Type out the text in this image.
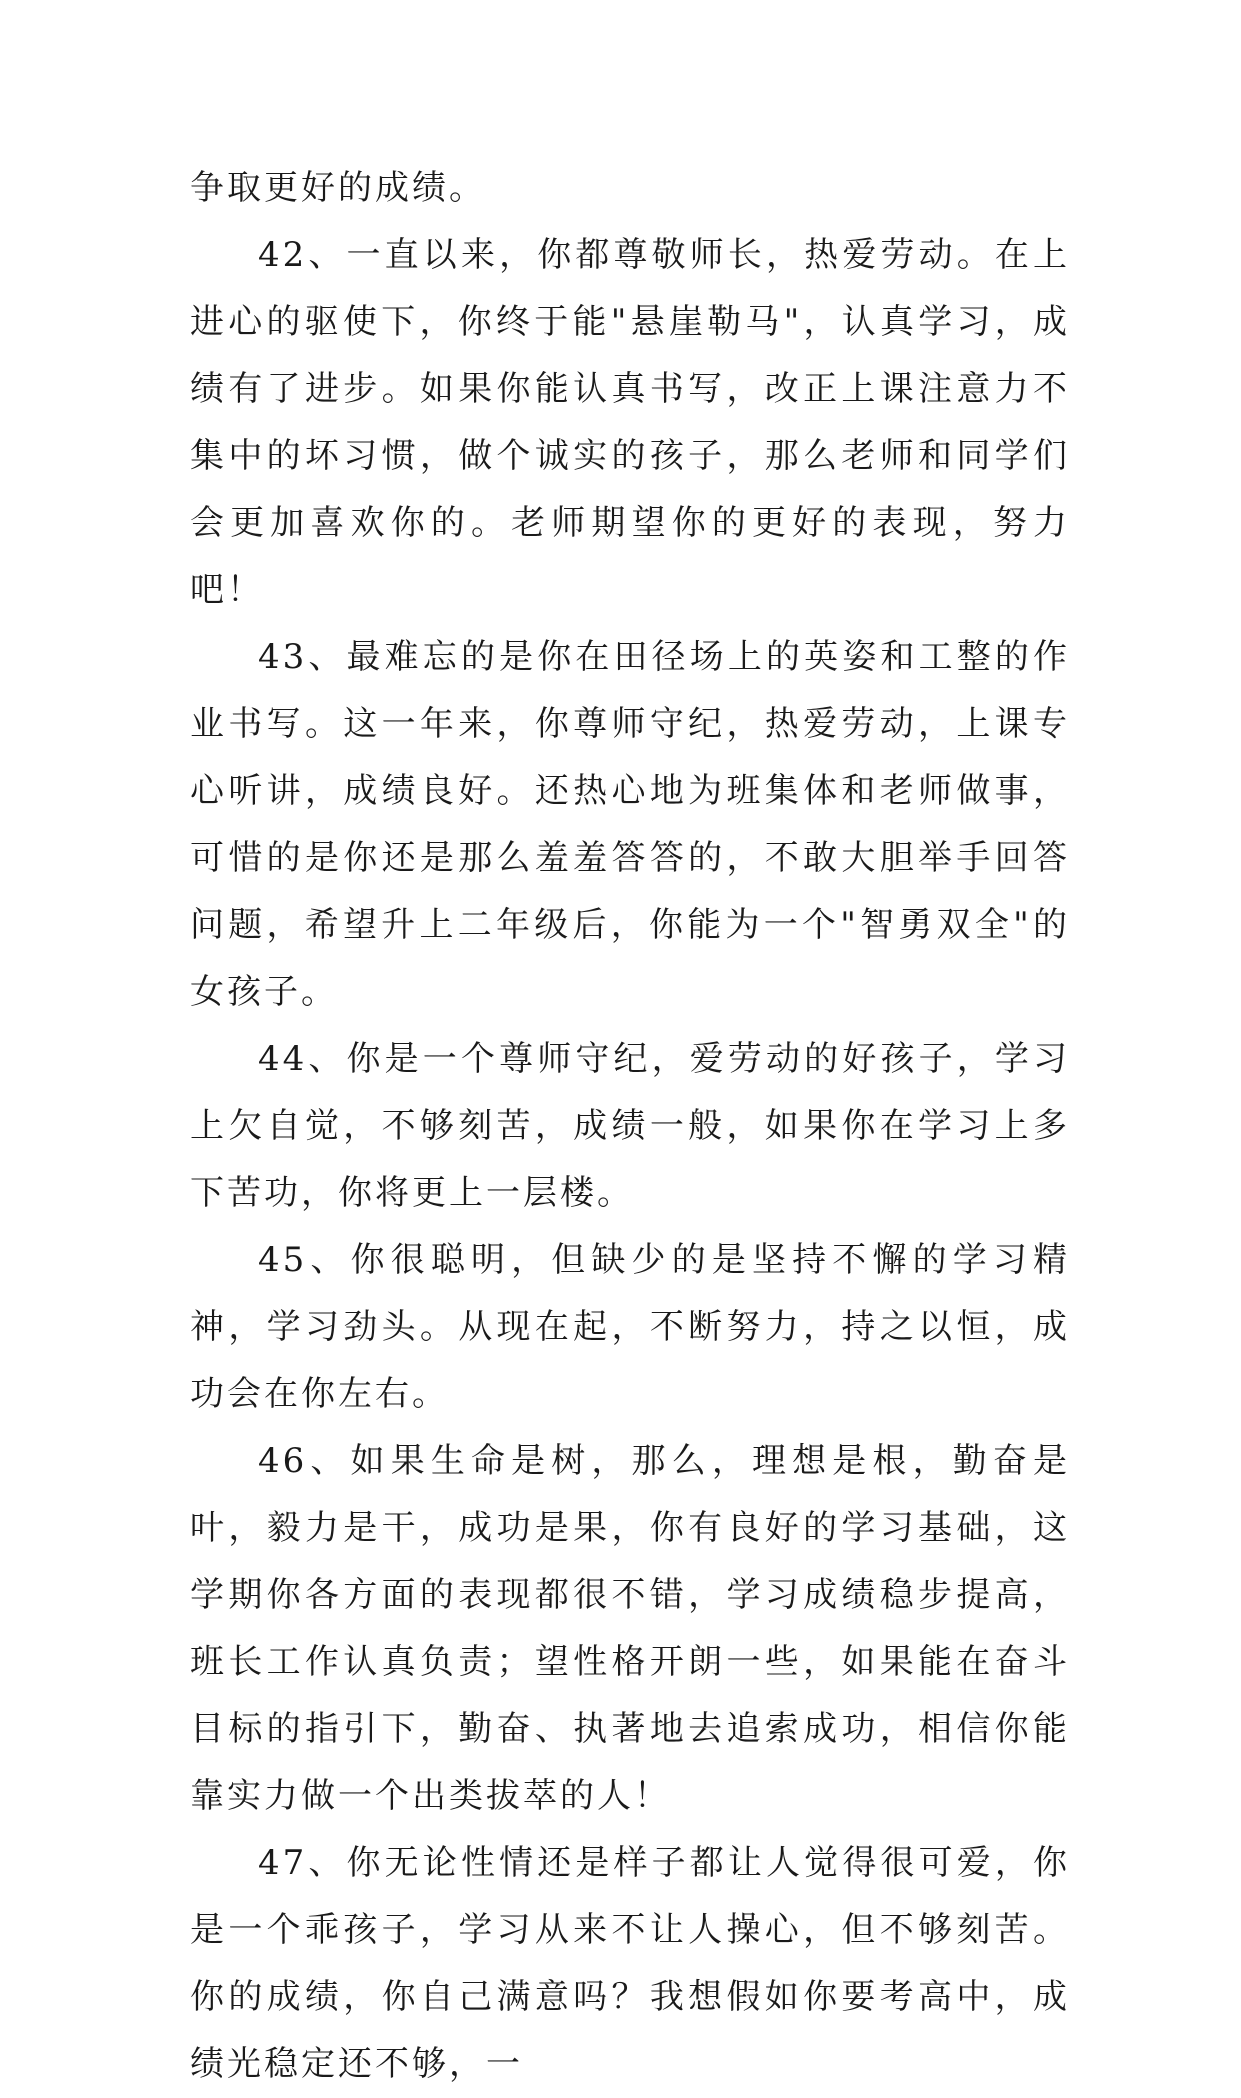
争取更好的成绩。

42、一直以来，你都尊敬师长，热爱劳动。在上进心的驱使下，你终于能"悬崖勒马"，认真学习，成绩有了进步。如果你能认真书写，改正上课注意力不集中的坏习惯，做个诚实的孩子，那么老师和同学们会更加喜欢你的。老师期望你的更好的表现，努力吧！

43、最难忘的是你在田径场上的英姿和工整的作业书写。这一年来，你尊师守纪，热爱劳动，上课专心听讲，成绩良好。还热心地为班集体和老师做事，可惜的是你还是那么羞羞答答的，不敢大胆举手回答问题，希望升上二年级后，你能为一个"智勇双全"的女孩子。

44、你是一个尊师守纪，爱劳动的好孩子，学习上欠自觉，不够刻苦，成绩一般，如果你在学习上多下苦功，你将更上一层楼。

45、你很聪明，但缺少的是坚持不懈的学习精神，学习劲头。从现在起，不断努力，持之以恒，成功会在你左右。

46、如果生命是树，那么，理想是根，勤奋是叶，毅力是干，成功是果，你有良好的学习基础，这学期你各方面的表现都很不错，学习成绩稳步提高，班长工作认真负责；望性格开朗一些，如果能在奋斗目标的指引下，勤奋、执著地去追索成功，相信你能靠实力做一个出类拔萃的人！

47、你无论性情还是样子都让人觉得很可爱，你是一个乖孩子，学习从来不让人操心，但不够刻苦。你的成绩，你自己满意吗？我想假如你要考高中，成绩光稳定还不够，一
